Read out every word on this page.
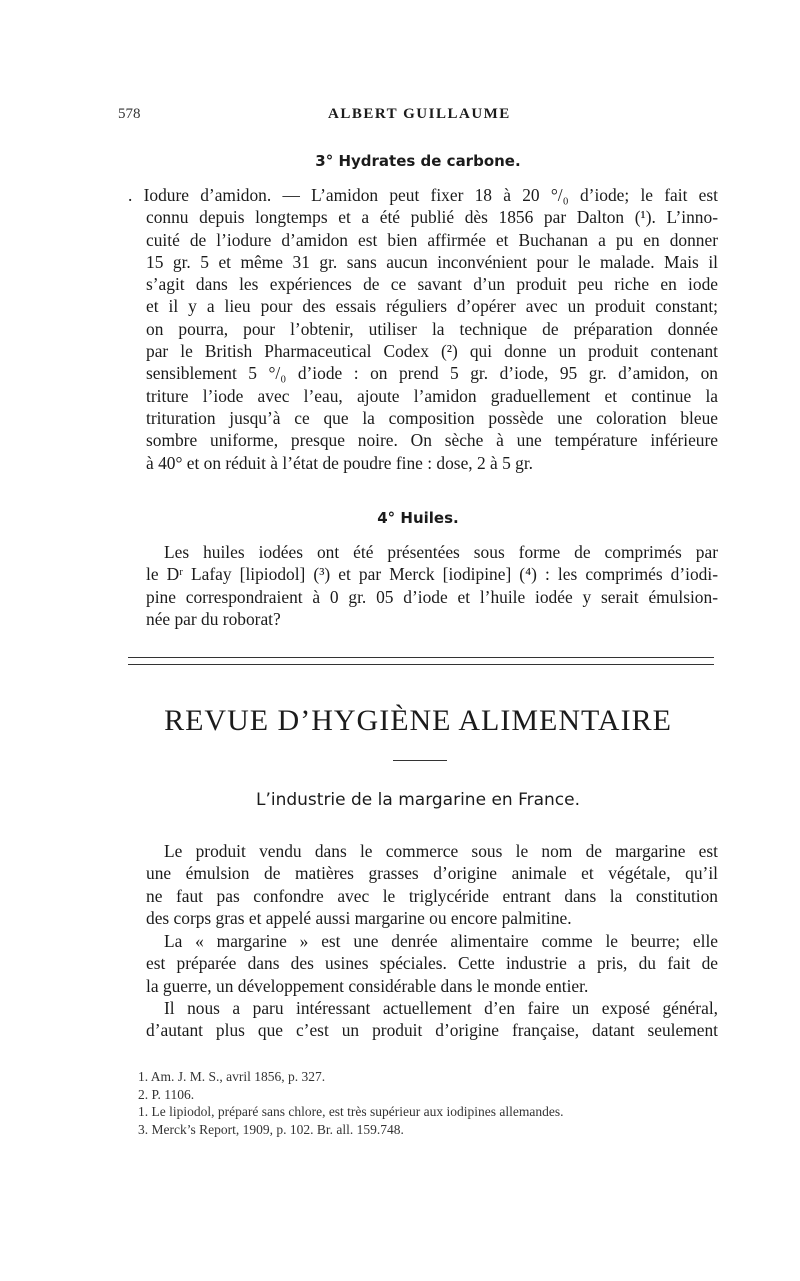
578	ALBERT GUILLAUME
3° Hydrates de carbone.
. Iodure d’amidon. — L’amidon peut fixer 18 à 20 °/₀ d’iode; le fait est
connu depuis longtemps et a été publié dès 1856 par Dalton (¹). L’inno-
cuité de l’iodure d’amidon est bien affirmée et Buchanan a pu en donner
15 gr. 5 et même 31 gr. sans aucun inconvénient pour le malade. Mais il
s’agit dans les expériences de ce savant d’un produit peu riche en iode
et il y a lieu pour des essais réguliers d’opérer avec un produit constant;
on pourra, pour l’obtenir, utiliser la technique de préparation donnée
par le British Pharmaceutical Codex (²) qui donne un produit contenant
sensiblement 5 °/₀ d’iode : on prend 5 gr. d’iode, 95 gr. d’amidon, on
triture l’iode avec l’eau, ajoute l’amidon graduellement et continue la
trituration jusqu’à ce que la composition possède une coloration bleue
sombre uniforme, presque noire. On sèche à une température inférieure
à 40° et on réduit à l’état de poudre fine : dose, 2 à 5 gr.
4° Huiles.
Les huiles iodées ont été présentées sous forme de comprimés par
le Dʳ Lafay [lipiodol] (³) et par Merck [iodipine] (⁴) : les comprimés d’iodi-
pine correspondraient à 0 gr. 05 d’iode et l’huile iodée y serait émulsion-
née par du roborat?
REVUE D’HYGIÈNE ALIMENTAIRE
L’industrie de la margarine en France.
Le produit vendu dans le commerce sous le nom de margarine est
une émulsion de matières grasses d’origine animale et végétale, qu’il
ne faut pas confondre avec le triglycéride entrant dans la constitution
des corps gras et appelé aussi margarine ou encore palmitine.
La « margarine » est une denrée alimentaire comme le beurre; elle
est préparée dans des usines spéciales. Cette industrie a pris, du fait de
la guerre, un développement considérable dans le monde entier.
Il nous a paru intéressant actuellement d’en faire un exposé général,
d’autant plus que c’est un produit d’origine française, datant seulement
1. Am. J. M. S., avril 1856, p. 327.
2. P. 1106.
1. Le lipiodol, préparé sans chlore, est très supérieur aux iodipines allemandes.
3. Merck’s Report, 1909, p. 102. Br. all. 159.748.
